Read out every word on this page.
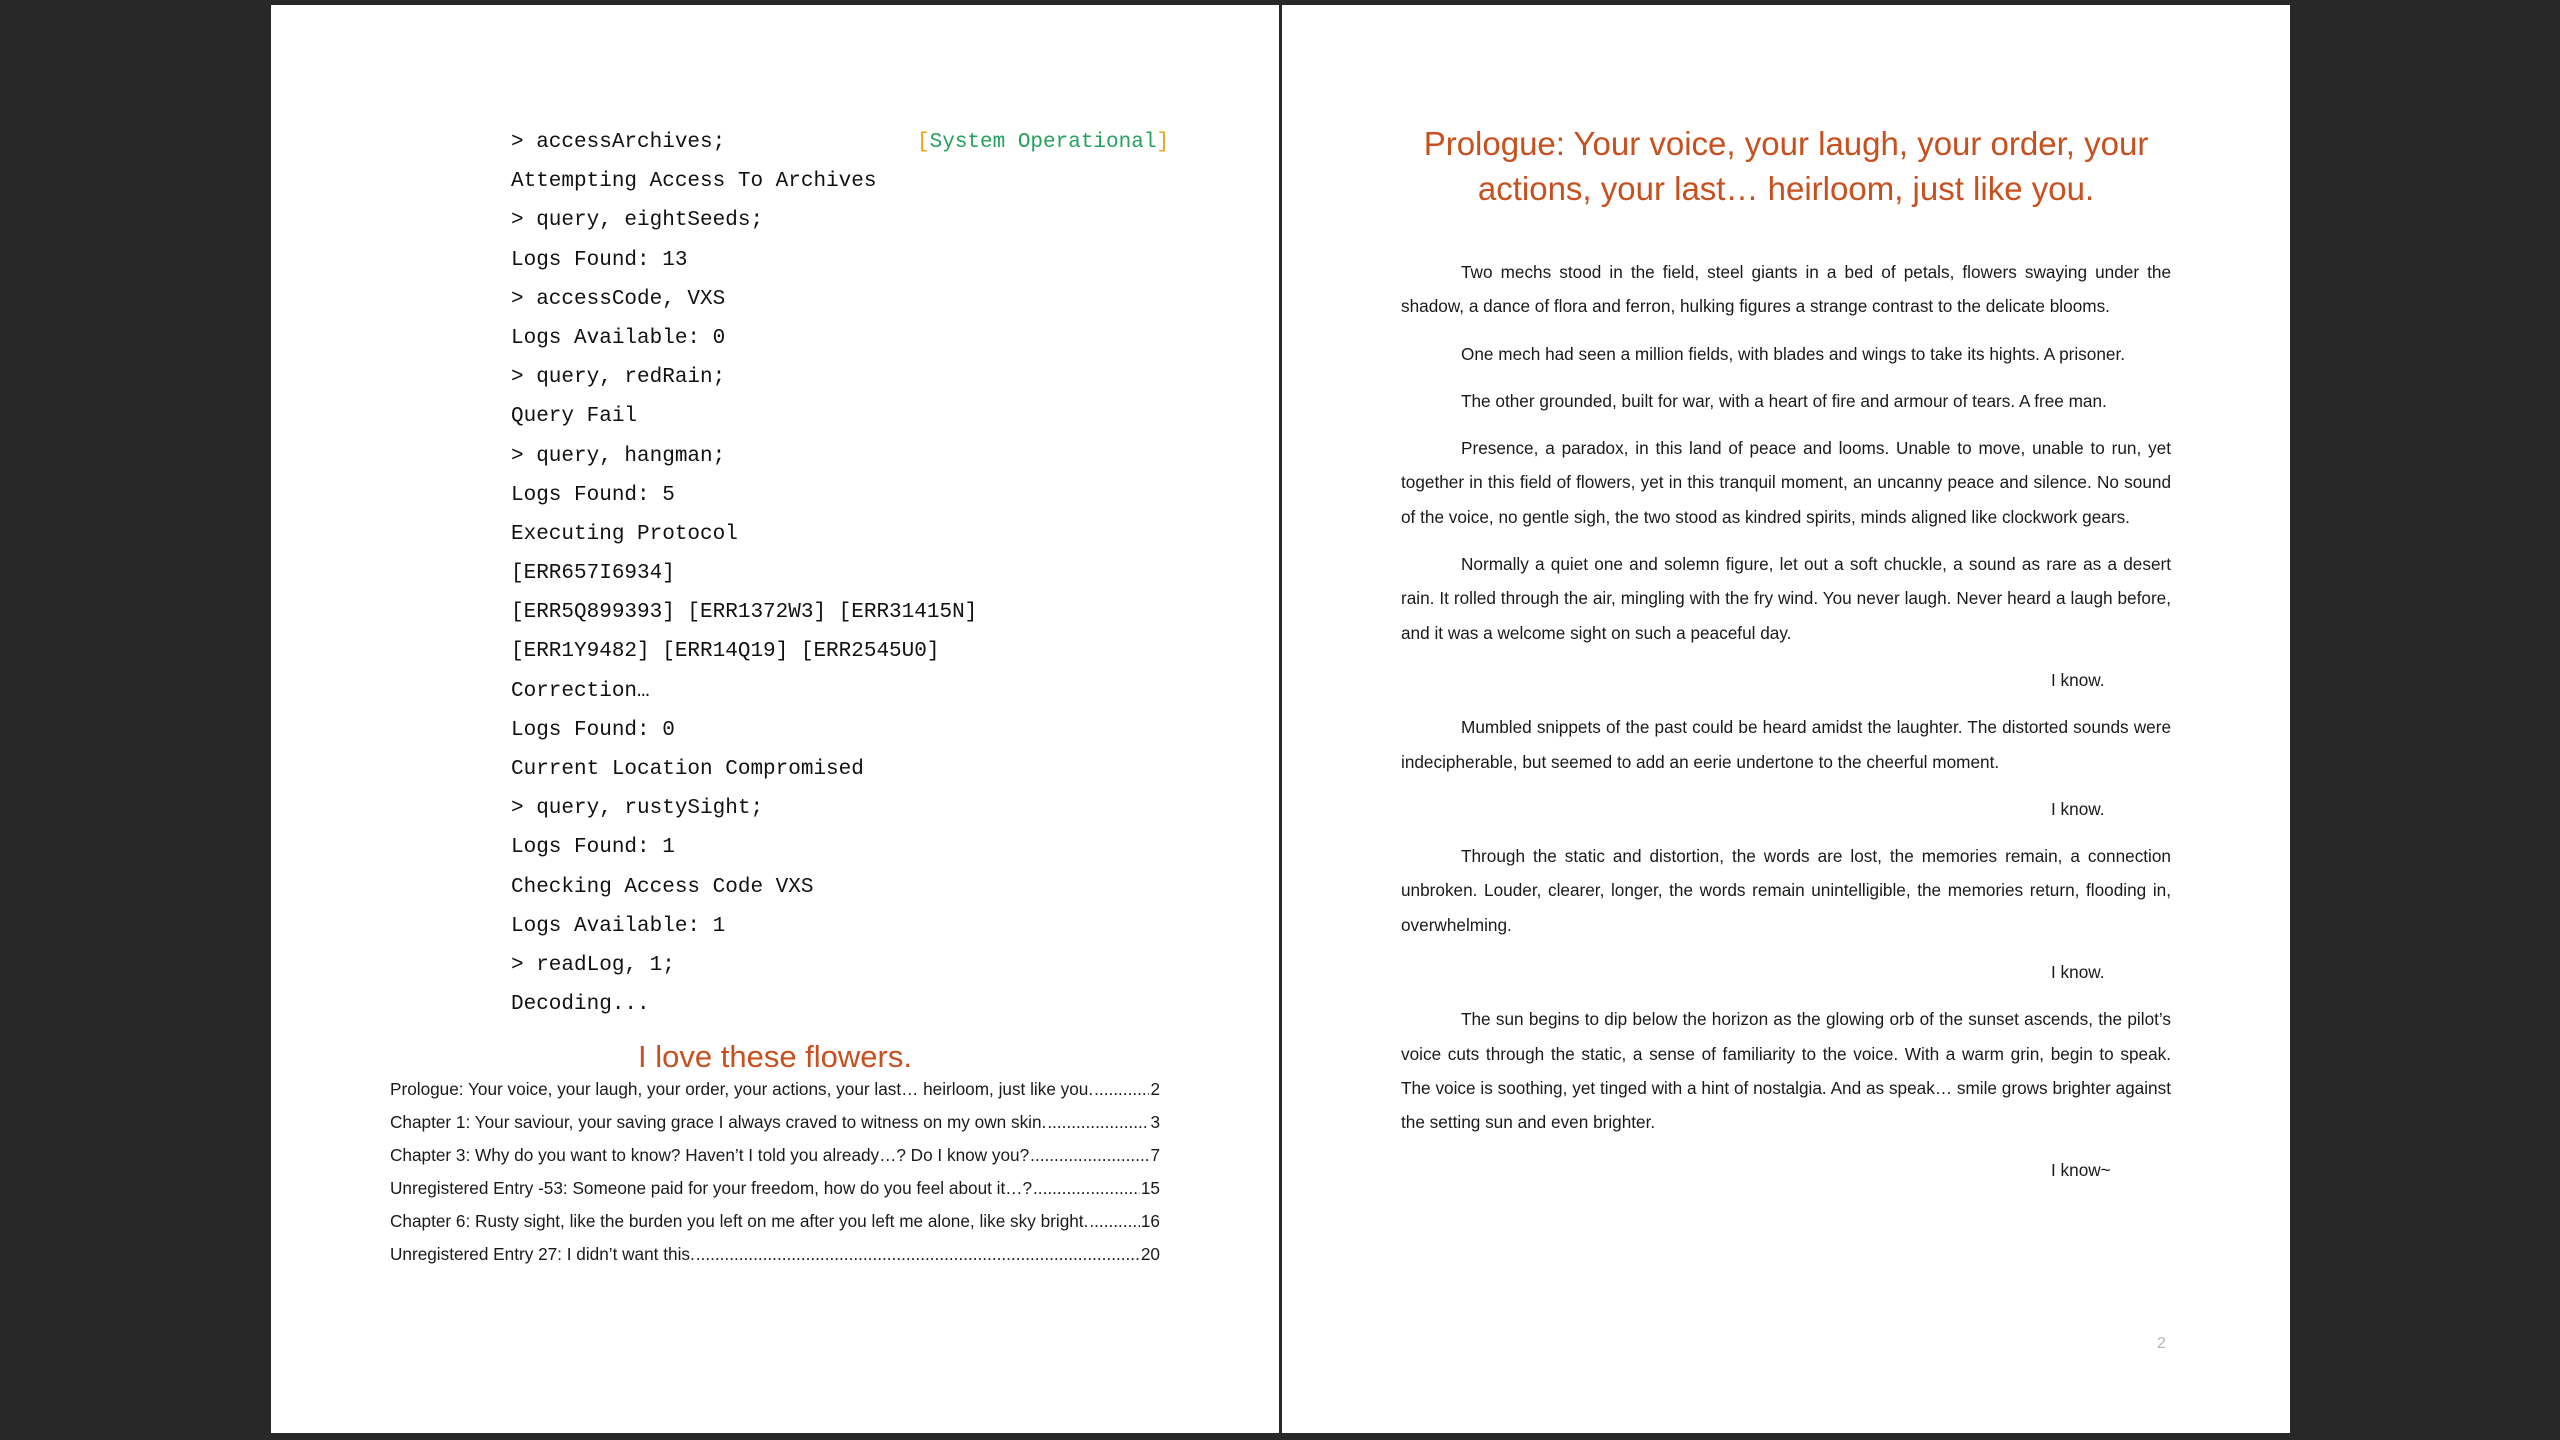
> accessArchives;
Attempting Access To Archives
> query, eightSeeds;
Logs Found: 13
> accessCode, VXS
Logs Available: 0
> query, redRain;
Query Fail
> query, hangman;
Logs Found: 5
Executing Protocol
[ERR657I6934]
[ERR5Q899393] [ERR1372W3] [ERR31415N]
[ERR1Y9482] [ERR14Q19] [ERR2545U0]
Correction…
Logs Found: 0
Current Location Compromised
> query, rustySight;
Logs Found: 1
Checking Access Code VXS
Logs Available: 1
> readLog, 1;
Decoding...
[System Operational]
I love these flowers.
Prologue: Your voice, your laugh, your order, your actions, your last… heirloom, just like you. .....	2
Chapter 1: Your saviour, your saving grace I always craved to witness on my own skin. .....	3
Chapter 3: Why do you want to know? Haven’t I told you already…? Do I know you? .....	7
Unregistered Entry -53: Someone paid for your freedom, how do you feel about it…? .....	15
Chapter 6: Rusty sight, like the burden you left on me after you left me alone, like sky bright. .....	16
Unregistered Entry 27: I didn’t want this. .....	20
Prologue: Your voice, your laugh, your order, your actions, your last… heirloom, just like you.

Two mechs stood in the field, steel giants in a bed of petals, flowers swaying under the shadow, a dance of flora and ferron, hulking figures a strange contrast to the delicate blooms.

One mech had seen a million fields, with blades and wings to take its hights. A prisoner.

The other grounded, built for war, with a heart of fire and armour of tears. A free man.

Presence, a paradox, in this land of peace and looms. Unable to move, unable to run, yet together in this field of flowers, yet in this tranquil moment, an uncanny peace and silence. No sound of the voice, no gentle sigh, the two stood as kindred spirits, minds aligned like clockwork gears.

Normally a quiet one and solemn figure, let out a soft chuckle, a sound as rare as a desert rain. It rolled through the air, mingling with the fry wind. You never laugh. Never heard a laugh before, and it was a welcome sight on such a peaceful day.

I know.

Mumbled snippets of the past could be heard amidst the laughter. The distorted sounds were indecipherable, but seemed to add an eerie undertone to the cheerful moment.

I know.

Through the static and distortion, the words are lost, the memories remain, a connection unbroken. Louder, clearer, longer, the words remain unintelligible, the memories return, flooding in, overwhelming.

I know.

The sun begins to dip below the horizon as the glowing orb of the sunset ascends, the pilot’s voice cuts through the static, a sense of familiarity to the voice. With a warm grin, begin to speak. The voice is soothing, yet tinged with a hint of nostalgia. And as speak… smile grows brighter against the setting sun and even brighter.

I know~

2
